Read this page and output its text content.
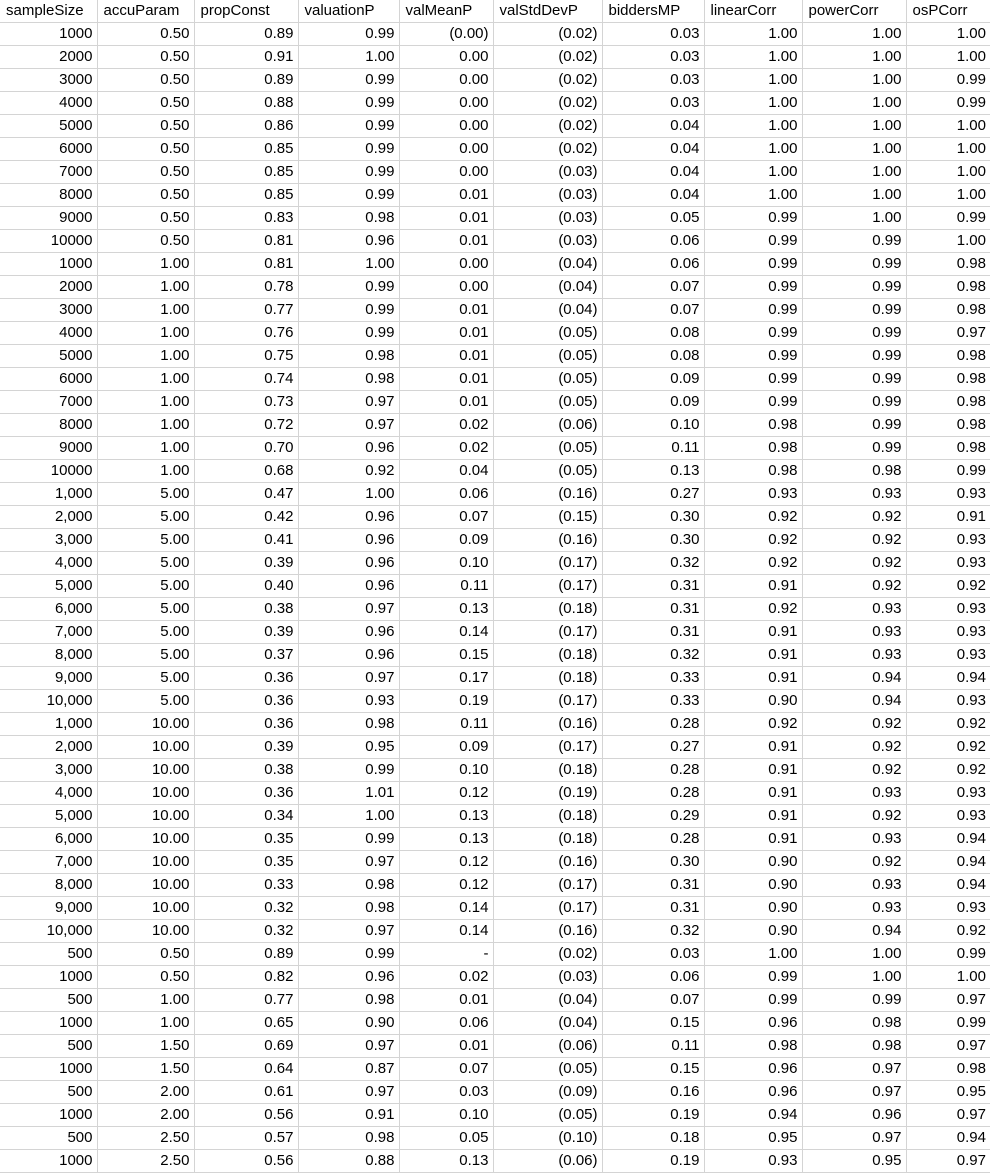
sampleSize	accuParam	propConst	valuationP	valMeanP	valStdDevP	biddersMP	linearCorr	powerCorr	osPCorr
1000	0.50	0.89	0.99	(0.00)	(0.02)	0.03	1.00	1.00	1.00
2000	0.50	0.91	1.00	0.00	(0.02)	0.03	1.00	1.00	1.00
3000	0.50	0.89	0.99	0.00	(0.02)	0.03	1.00	1.00	0.99
4000	0.50	0.88	0.99	0.00	(0.02)	0.03	1.00	1.00	0.99
5000	0.50	0.86	0.99	0.00	(0.02)	0.04	1.00	1.00	1.00
6000	0.50	0.85	0.99	0.00	(0.02)	0.04	1.00	1.00	1.00
7000	0.50	0.85	0.99	0.00	(0.03)	0.04	1.00	1.00	1.00
8000	0.50	0.85	0.99	0.01	(0.03)	0.04	1.00	1.00	1.00
9000	0.50	0.83	0.98	0.01	(0.03)	0.05	0.99	1.00	0.99
10000	0.50	0.81	0.96	0.01	(0.03)	0.06	0.99	0.99	1.00
1000	1.00	0.81	1.00	0.00	(0.04)	0.06	0.99	0.99	0.98
2000	1.00	0.78	0.99	0.00	(0.04)	0.07	0.99	0.99	0.98
3000	1.00	0.77	0.99	0.01	(0.04)	0.07	0.99	0.99	0.98
4000	1.00	0.76	0.99	0.01	(0.05)	0.08	0.99	0.99	0.97
5000	1.00	0.75	0.98	0.01	(0.05)	0.08	0.99	0.99	0.98
6000	1.00	0.74	0.98	0.01	(0.05)	0.09	0.99	0.99	0.98
7000	1.00	0.73	0.97	0.01	(0.05)	0.09	0.99	0.99	0.98
8000	1.00	0.72	0.97	0.02	(0.06)	0.10	0.98	0.99	0.98
9000	1.00	0.70	0.96	0.02	(0.05)	0.11	0.98	0.99	0.98
10000	1.00	0.68	0.92	0.04	(0.05)	0.13	0.98	0.98	0.99
1,000	5.00	0.47	1.00	0.06	(0.16)	0.27	0.93	0.93	0.93
2,000	5.00	0.42	0.96	0.07	(0.15)	0.30	0.92	0.92	0.91
3,000	5.00	0.41	0.96	0.09	(0.16)	0.30	0.92	0.92	0.93
4,000	5.00	0.39	0.96	0.10	(0.17)	0.32	0.92	0.92	0.93
5,000	5.00	0.40	0.96	0.11	(0.17)	0.31	0.91	0.92	0.92
6,000	5.00	0.38	0.97	0.13	(0.18)	0.31	0.92	0.93	0.93
7,000	5.00	0.39	0.96	0.14	(0.17)	0.31	0.91	0.93	0.93
8,000	5.00	0.37	0.96	0.15	(0.18)	0.32	0.91	0.93	0.93
9,000	5.00	0.36	0.97	0.17	(0.18)	0.33	0.91	0.94	0.94
10,000	5.00	0.36	0.93	0.19	(0.17)	0.33	0.90	0.94	0.93
1,000	10.00	0.36	0.98	0.11	(0.16)	0.28	0.92	0.92	0.92
2,000	10.00	0.39	0.95	0.09	(0.17)	0.27	0.91	0.92	0.92
3,000	10.00	0.38	0.99	0.10	(0.18)	0.28	0.91	0.92	0.92
4,000	10.00	0.36	1.01	0.12	(0.19)	0.28	0.91	0.93	0.93
5,000	10.00	0.34	1.00	0.13	(0.18)	0.29	0.91	0.92	0.93
6,000	10.00	0.35	0.99	0.13	(0.18)	0.28	0.91	0.93	0.94
7,000	10.00	0.35	0.97	0.12	(0.16)	0.30	0.90	0.92	0.94
8,000	10.00	0.33	0.98	0.12	(0.17)	0.31	0.90	0.93	0.94
9,000	10.00	0.32	0.98	0.14	(0.17)	0.31	0.90	0.93	0.93
10,000	10.00	0.32	0.97	0.14	(0.16)	0.32	0.90	0.94	0.92
500	0.50	0.89	0.99	-	(0.02)	0.03	1.00	1.00	0.99
1000	0.50	0.82	0.96	0.02	(0.03)	0.06	0.99	1.00	1.00
500	1.00	0.77	0.98	0.01	(0.04)	0.07	0.99	0.99	0.97
1000	1.00	0.65	0.90	0.06	(0.04)	0.15	0.96	0.98	0.99
500	1.50	0.69	0.97	0.01	(0.06)	0.11	0.98	0.98	0.97
1000	1.50	0.64	0.87	0.07	(0.05)	0.15	0.96	0.97	0.98
500	2.00	0.61	0.97	0.03	(0.09)	0.16	0.96	0.97	0.95
1000	2.00	0.56	0.91	0.10	(0.05)	0.19	0.94	0.96	0.97
500	2.50	0.57	0.98	0.05	(0.10)	0.18	0.95	0.97	0.94
1000	2.50	0.56	0.88	0.13	(0.06)	0.19	0.93	0.95	0.97
